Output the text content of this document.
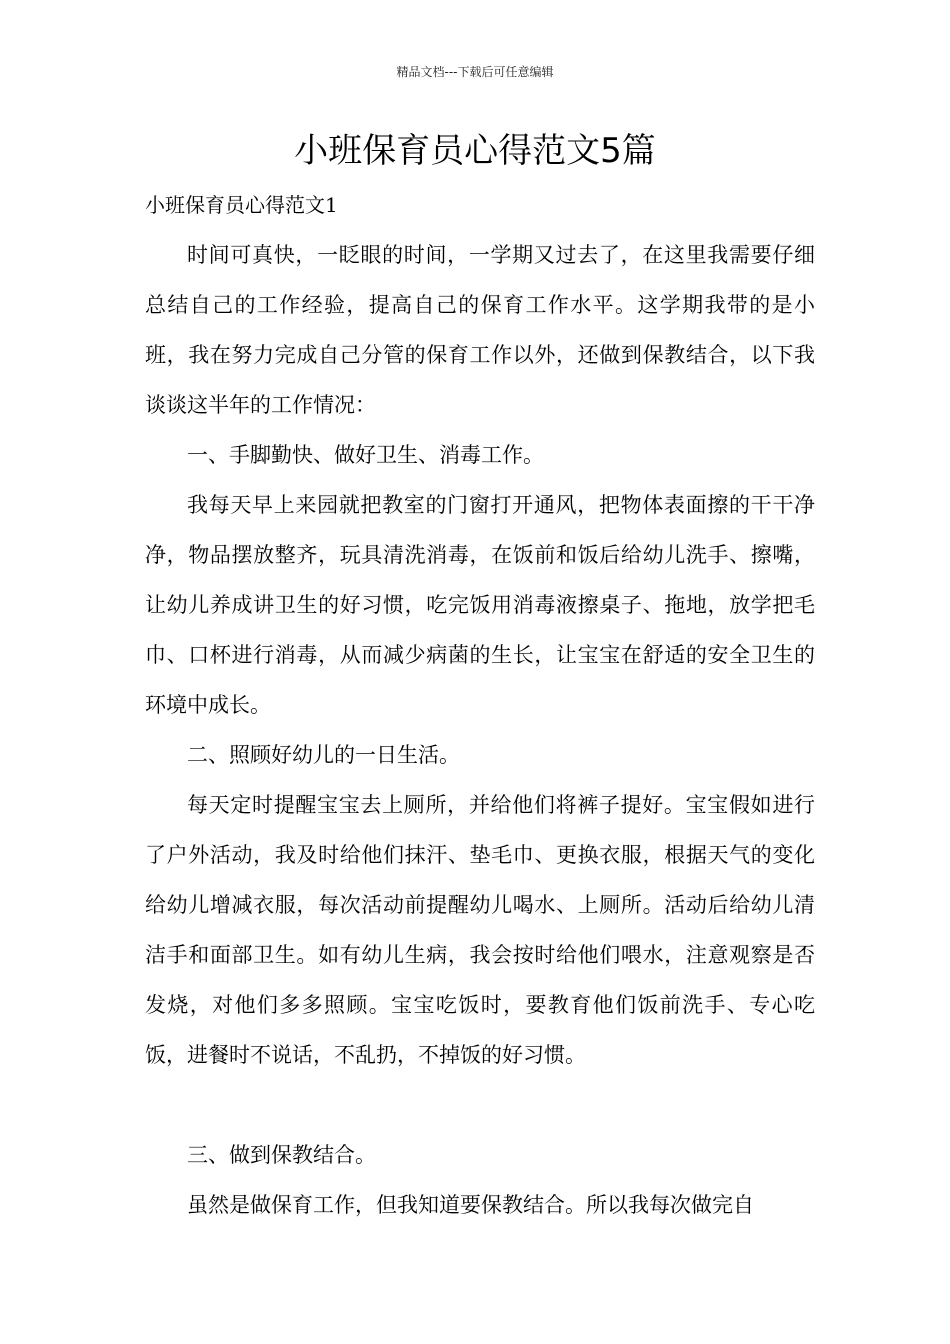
精品文档---下载后可任意编辑
小班保育员心得范文5篇

小班保育员心得范文1

时间可真快，一眨眼的时间，一学期又过去了，在这里我需要仔细总结自己的工作经验，提高自己的保育工作水平。这学期我带的是小班，我在努力完成自己分管的保育工作以外，还做到保教结合，以下我谈谈这半年的工作情况：

一、手脚勤快、做好卫生、消毒工作。

我每天早上来园就把教室的门窗打开通风，把物体表面擦的干干净净，物品摆放整齐，玩具清洗消毒，在饭前和饭后给幼儿洗手、擦嘴，让幼儿养成讲卫生的好习惯，吃完饭用消毒液擦桌子、拖地，放学把毛巾、口杯进行消毒，从而减少病菌的生长，让宝宝在舒适的安全卫生的环境中成长。

二、照顾好幼儿的一日生活。

每天定时提醒宝宝去上厕所，并给他们将裤子提好。宝宝假如进行了户外活动，我及时给他们抹汗、垫毛巾、更换衣服，根据天气的变化给幼儿增减衣服，每次活动前提醒幼儿喝水、上厕所。活动后给幼儿清洁手和面部卫生。如有幼儿生病，我会按时给他们喂水，注意观察是否发烧，对他们多多照顾。宝宝吃饭时，要教育他们饭前洗手、专心吃饭，进餐时不说话，不乱扔，不掉饭的好习惯。

三、做到保教结合。

虽然是做保育工作，但我知道要保教结合。所以我每次做完自
